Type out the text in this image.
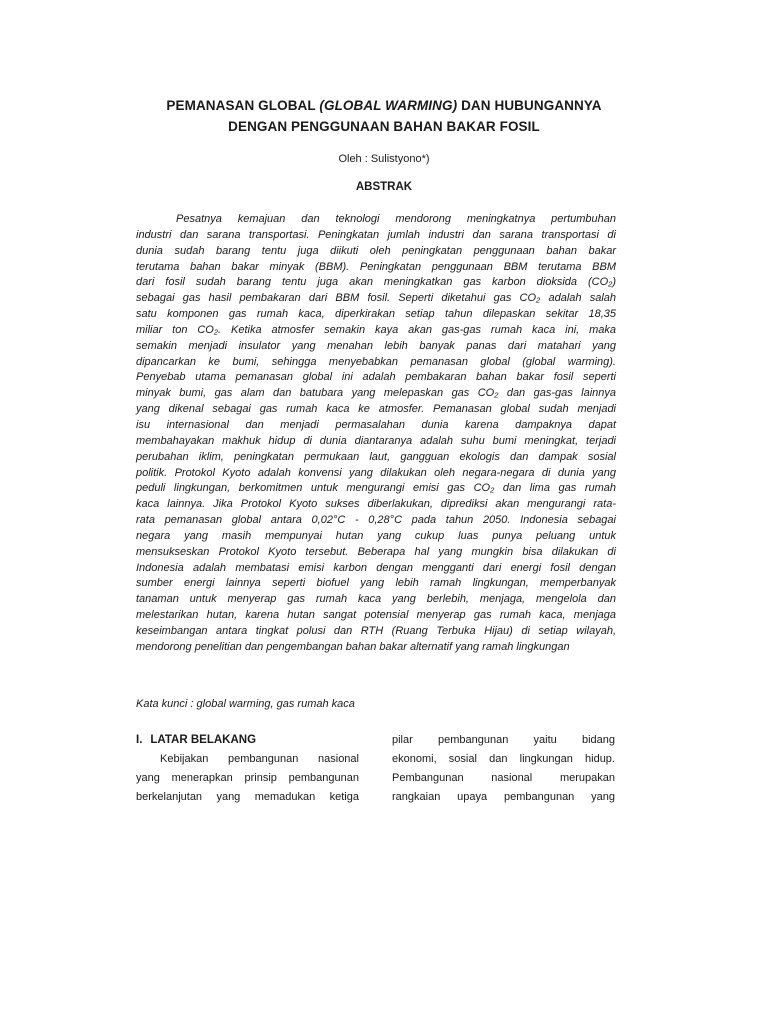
PEMANASAN GLOBAL (GLOBAL WARMING) DAN HUBUNGANNYA
DENGAN PENGGUNAAN BAHAN BAKAR FOSIL
Oleh : Sulistyono*)
ABSTRAK
Pesatnya kemajuan dan teknologi mendorong meningkatnya pertumbuhan
industri dan sarana transportasi. Peningkatan jumlah industri dan sarana transportasi di
dunia sudah barang tentu juga diikuti oleh peningkatan penggunaan bahan bakar
terutama bahan bakar minyak (BBM). Peningkatan penggunaan BBM terutama BBM
dari fosil sudah barang tentu juga akan meningkatkan gas karbon dioksida (CO₂)
sebagai gas hasil pembakaran dari BBM fosil. Seperti diketahui gas CO₂ adalah salah
satu komponen gas rumah kaca, diperkirakan setiap tahun dilepaskan sekitar 18,35
miliar ton CO₂. Ketika atmosfer semakin kaya akan gas-gas rumah kaca ini, maka
semakin menjadi insulator yang menahan lebih banyak panas dari matahari yang
dipancarkan ke bumi, sehingga menyebabkan pemanasan global (global warming).
Penyebab utama pemanasan global ini adalah pembakaran bahan bakar fosil seperti
minyak bumi, gas alam dan batubara yang melepaskan gas CO₂ dan gas-gas lainnya
yang dikenal sebagai gas rumah kaca ke atmosfer. Pemanasan global sudah menjadi
isu internasional dan menjadi permasalahan dunia karena dampaknya dapat
membahayakan makhuk hidup di dunia diantaranya adalah suhu bumi meningkat, terjadi
perubahan iklim, peningkatan permukaan laut, gangguan ekologis dan dampak sosial
politik. Protokol Kyoto adalah konvensi yang dilakukan oleh negara-negara di dunia yang
peduli lingkungan, berkomitmen untuk mengurangi emisi gas CO₂ dan lima gas rumah
kaca lainnya. Jika Protokol Kyoto sukses diberlakukan, diprediksi akan mengurangi rata-
rata pemanasan global antara 0,02°C - 0,28°C pada tahun 2050. Indonesia sebagai
negara yang masih mempunyai hutan yang cukup luas punya peluang untuk
mensukseskan Protokol Kyoto tersebut. Beberapa hal yang mungkin bisa dilakukan di
Indonesia adalah membatasi emisi karbon dengan mengganti dari energi fosil dengan
sumber energi lainnya seperti biofuel yang lebih ramah lingkungan, memperbanyak
tanaman untuk menyerap gas rumah kaca yang berlebih, menjaga, mengelola dan
melestarikan hutan, karena hutan sangat potensial menyerap gas rumah kaca, menjaga
keseimbangan antara tingkat polusi dan RTH (Ruang Terbuka Hijau) di setiap wilayah,
mendorong penelitian dan pengembangan bahan bakar alternatif yang ramah lingkungan
Kata kunci : global warming, gas rumah kaca
I. LATAR BELAKANG
Kebijakan pembangunan nasional
yang menerapkan prinsip pembangunan
berkelanjutan yang memadukan ketiga
pilar pembangunan yaitu bidang
ekonomi, sosial dan lingkungan hidup.
Pembangunan nasional merupakan
rangkaian upaya pembangunan yang
